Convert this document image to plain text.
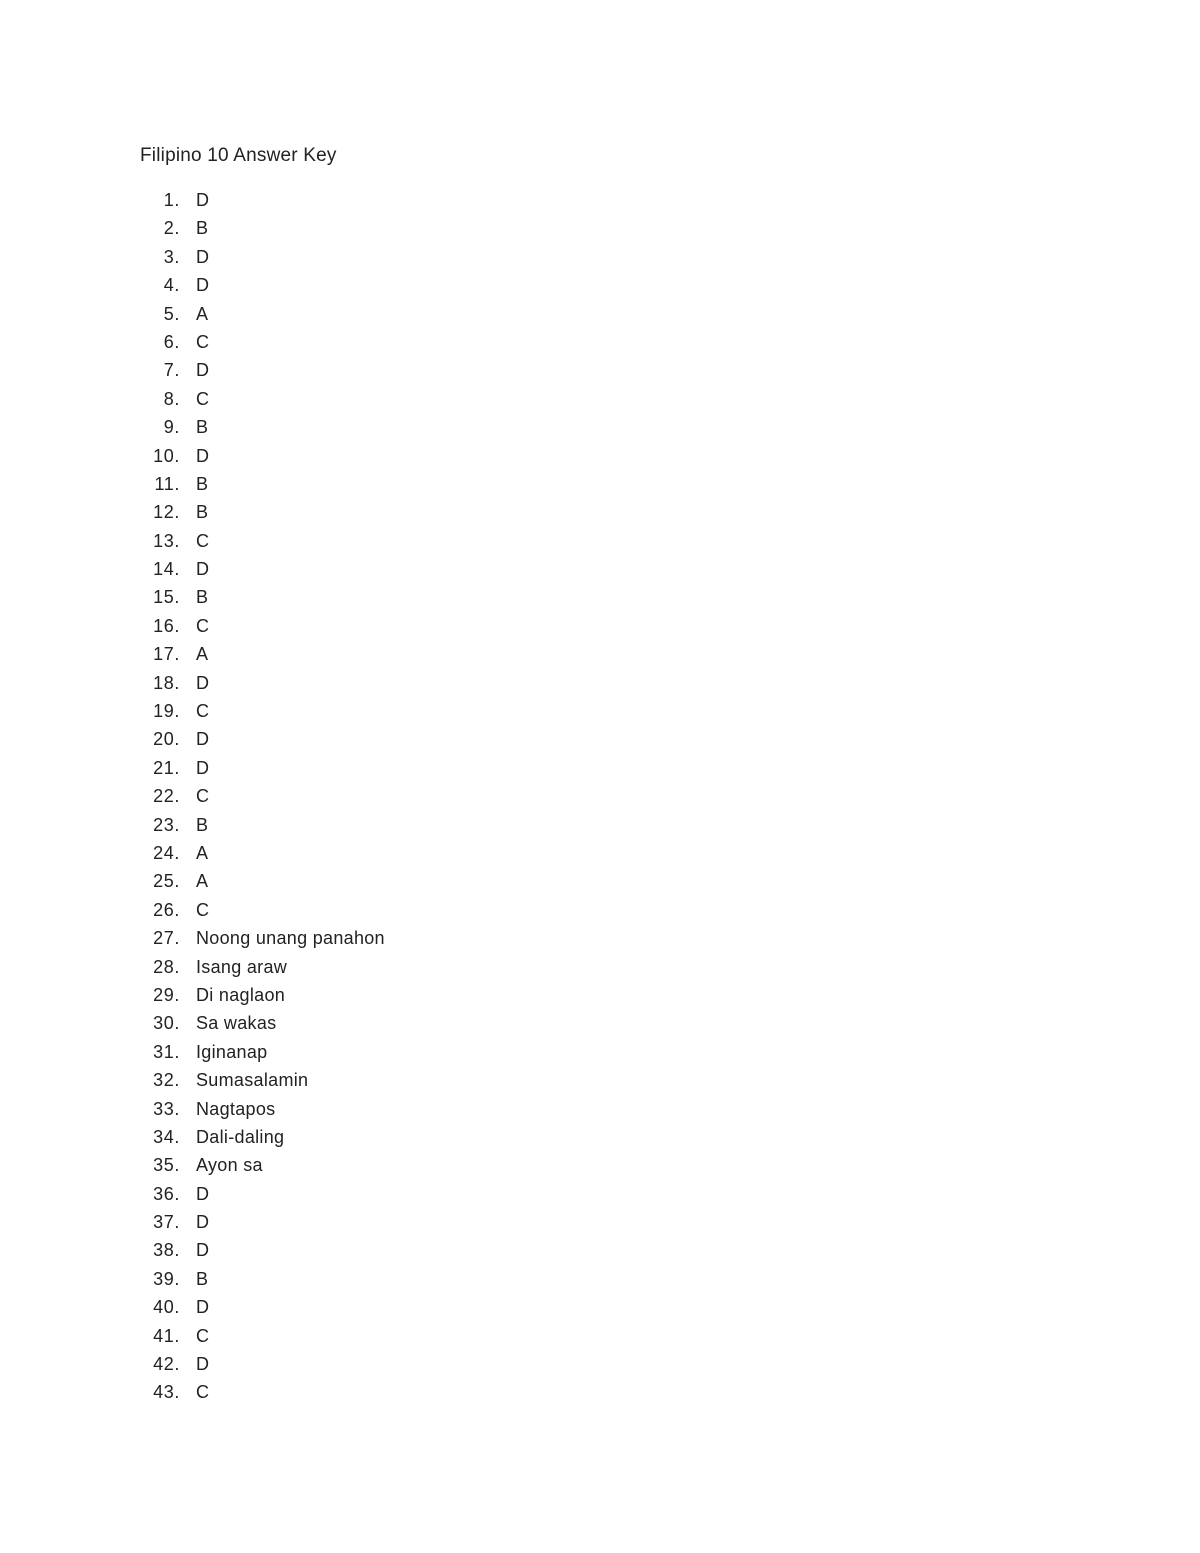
Filipino 10 Answer Key
1. D
2. B
3. D
4. D
5. A
6. C
7. D
8. C
9. B
10. D
11. B
12. B
13. C
14. D
15. B
16. C
17. A
18. D
19. C
20. D
21. D
22. C
23. B
24. A
25. A
26. C
27. Noong unang panahon
28. Isang araw
29. Di naglaon
30. Sa wakas
31. Iginanap
32. Sumasalamin
33. Nagtapos
34. Dali-daling
35. Ayon sa
36. D
37. D
38. D
39. B
40. D
41. C
42. D
43. C
